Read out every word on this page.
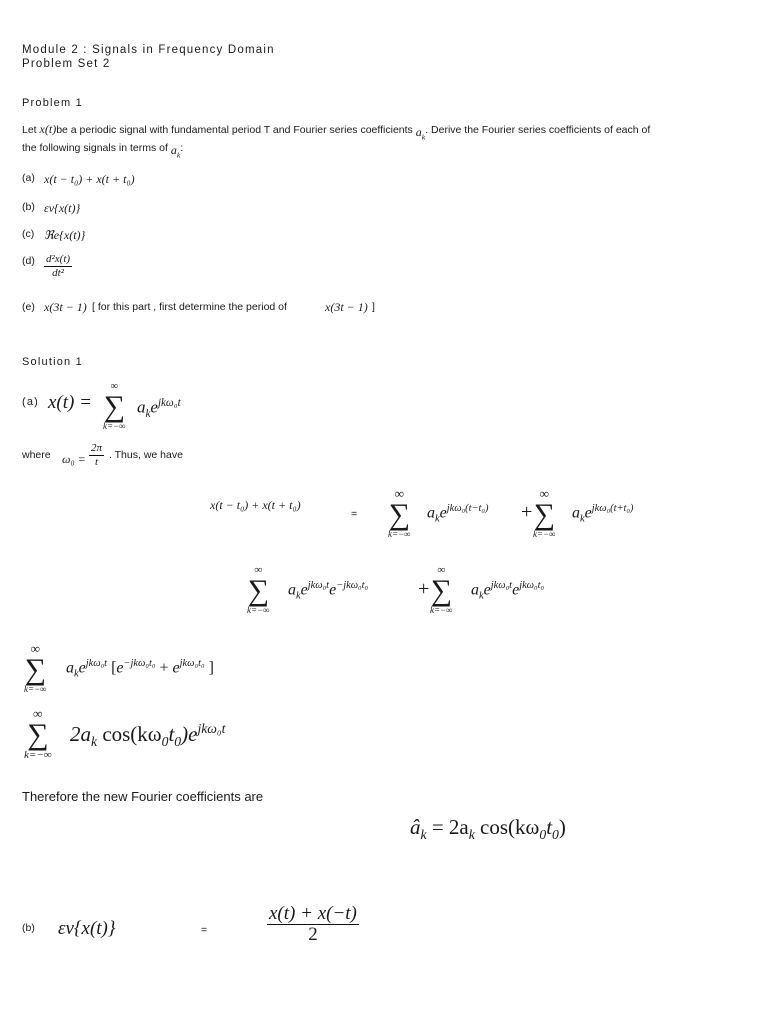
Module 2 : Signals in Frequency Domain
Problem Set 2
Problem 1
Let x(t)be a periodic signal with fundamental period T and Fourier series coefficients $a_k$. Derive the Fourier series coefficients of each of
the following signals in terms of $a_k$:
(a) x(t − t₀) + x(t + t₀)
(b) εv{x(t)}
(c) ℜe{x(t)}
$(d) \frac{\text{d²x(t)}}{\text{dt²}}$
(e) x(3t − 1) [ for this part , first determine the period of	x(3t − 1) ]
Solution 1
(a) x(t) =
∞
∑
k=−∞
$a_ke^{jk\omega_0t}$
where $\omega_0 = \frac{2\pi}{t}$ . Thus, we have
x(t − t₀) + x(t + t₀)
=
∞
∑
k=−∞
$a_ke^{jk\omega_0(t-t_0)}$ +
∞
∑
k=−∞
$a_ke^{jk\omega_0(t+t_0)}$
∞
∑
k=−∞
$a_ke^{jk\omega_0t}e^{-jk\omega_0t_0}$ +
∞
∑
k=−∞
$a_ke^{jk\omega_0t}e^{jk\omega_0t_0}$
∞
∑
k=−∞
$a_ke^{jk\omega_0t}$ [$e^{-jk\omega_0t_0} + e^{jk\omega_0t_0}$ ]
∞
∑
k=−∞
$2a_k$ $\cos(k\omega_0t_0)e^{jk\omega_0t}$
Therefore the new Fourier coefficients are
$â_k = 2a_k$ $\cos(k\omega_0t_0)$
(b) εv{x(t)}	=	$\frac{x(t) + x(-t)}{2}$
